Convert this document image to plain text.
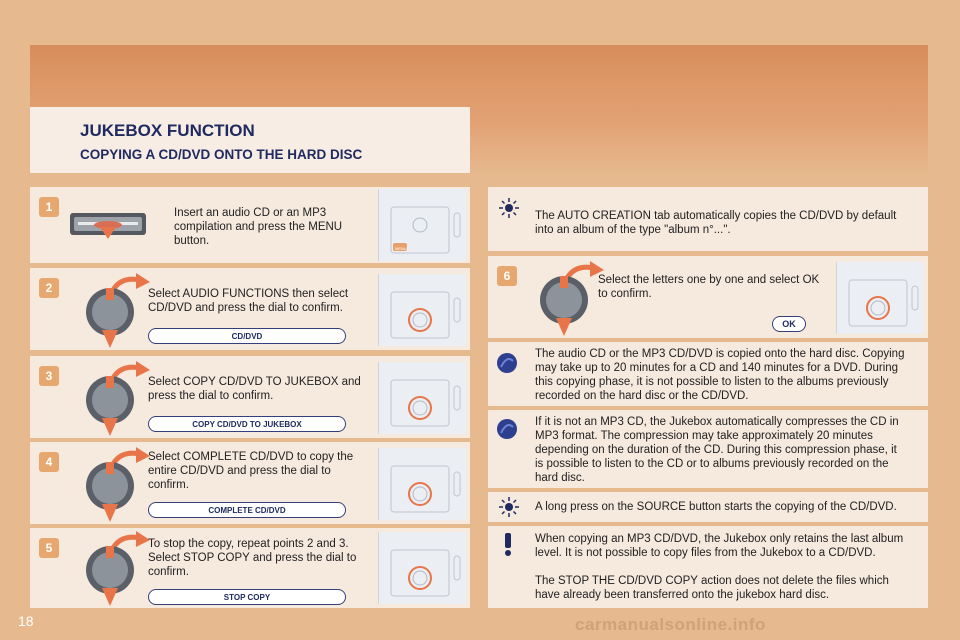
JUKEBOX FUNCTION
COPYING A CD/DVD ONTO THE HARD DISC
1	Insert an audio CD or an MP3 compilation and press the MENU button.
MENU
2	Select AUDIO FUNCTIONS then select CD/DVD and press the dial to confirm.
CD/DVD
3	Select COPY CD/DVD TO JUKEBOX and press the dial to confirm.
COPY CD/DVD TO JUKEBOX
4	Select COMPLETE CD/DVD to copy the entire CD/DVD and press the dial to confirm.
COMPLETE CD/DVD
5	To stop the copy, repeat points 2 and 3. Select STOP COPY and press the dial to confirm.
STOP COPY
The AUTO CREATION tab automatically copies the CD/DVD by default into an album of the type "album n°...".
6	Select the letters one by one and select OK to confirm.
OK
The audio CD or the MP3 CD/DVD is copied onto the hard disc. Copying may take up to 20 minutes for a CD and 140 minutes for a DVD. During this copying phase, it is not possible to listen to the albums previously recorded on the hard disc or the CD/DVD.
If it is not an MP3 CD, the Jukebox automatically compresses the CD in MP3 format. The compression may take approximately 20 minutes depending on the duration of the CD. During this compression phase, it is possible to listen to the CD or to albums previously recorded on the hard disc.
A long press on the SOURCE button starts the copying of the CD/DVD.
When copying an MP3 CD/DVD, the Jukebox only retains the last album level. It is not possible to copy files from the Jukebox to a CD/DVD.
The STOP THE CD/DVD COPY action does not delete the files which have already been transferred onto the jukebox hard disc.
18	carmanualsonline.info
